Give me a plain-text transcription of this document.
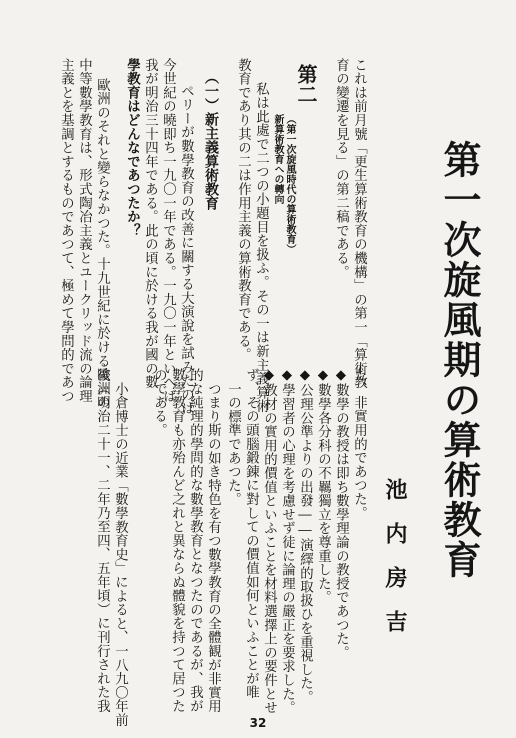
第一次旋風期の算術教育
池内房吉
これは前月號「更生算術教育の機構」の第一「算術教
育の變遷を見る」の第二稿である。
第二
（第一次旋風時代の算術教育）
新算術教育への轉向
私は此處で二つの小題目を扱ふ。その一は新主義算術
教育であり其の二は作用主義の算術教育である。
（一）新主義算術教育
ペリーが數學教育の改善に關する大演說を試みたのは
今世紀の曉即ち一九〇一年である。一九〇一年といへば
我が明治三十四年である。此の頃に於ける我が國の數
學教育はどんなであつたか？
歐洲のそれと變らなかつた。十九世紀に於ける歐洲の
中等數學教育は、形式陶冶主義とユークリッド流の論理
主義とを基調とするものであつて、極めて學問的であつ
た、非實用的であつた。
◆數學の教授は即ち數學理論の教授であつた。
◆數學各分科の不羈獨立を尊重した。
◆公理公準よりの出發――演繹的取扱ひを重視した。
◆學習者の心理を考慮せず徒に論理の嚴正を要求した。
◆教材の實用的價值といふことを材料選擇上の要件とせ
ず、その頭腦鍛錬に對しての價值如何といふことが唯
一の標準であつた。
つまり斯の如き特色を有つ數學教育の全體観が非實用
的な純理的學問的な數學教育となつたのであるが、我が
數學教育も亦殆んど之れと異ならぬ體貌を持つて居つた
のである。
小倉博士の近業「數學教育史」によると、一八九〇年前
後（明治二十一、二年乃至四、五年頃）に刊行された我
32
